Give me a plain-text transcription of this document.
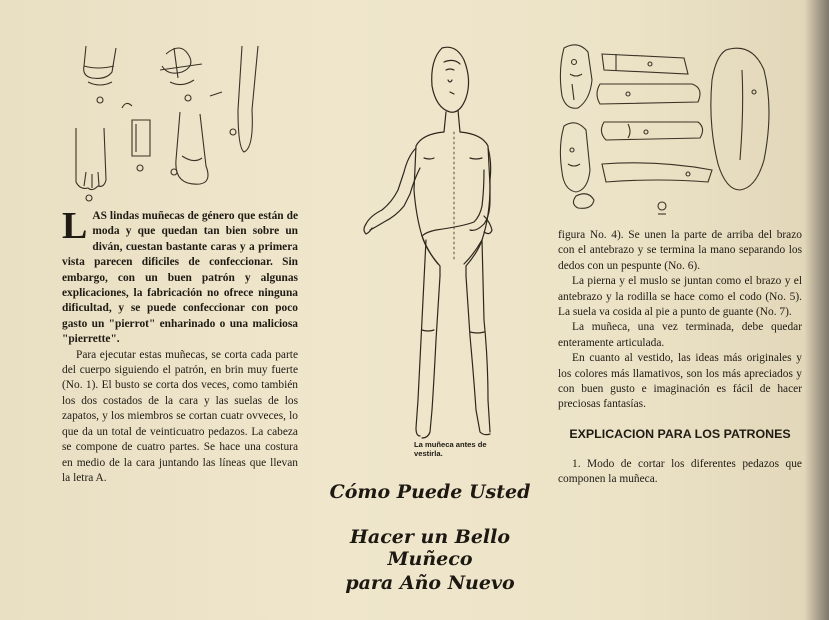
LAS lindas muñecas de género que están de moda y que quedan tan bien sobre un diván, cuestan bastante caras y a primera vista parecen dificiles de confeccionar. Sin embargo, con un buen patrón y algunas explicaciones, la fabricación no ofrece ninguna dificultad, y se puede confeccionar con poco gasto un "pierrot" enharinado o una maliciosa "pierrette".

Para ejecutar estas muñecas, se corta cada parte del cuerpo siguiendo el patrón, en brin muy fuerte (No. 1). El busto se corta dos veces, como también los dos costados de la cara y las suelas de los zapatos, y los miembros se cortan cuatr ovveces, lo que da un total de veinticuatro pedazos. La cabeza se compone de cuatro partes. Se hace una costura en medio de la cara juntando las líneas que llevan la letra A.

La muñeca antes de vestirla.
Cómo Puede Usted
Hacer un Bello Muñeco
para Año Nuevo

figura No. 4). Se unen la parte de arriba del brazo con el antebrazo y se termina la mano separando los dedos con un pespunte (No. 6).

La pierna y el muslo se juntan como el brazo y el antebrazo y la rodilla se hace como el codo (No. 5). La suela va cosida al pie a punto de guante (No. 7).

La muñeca, una vez terminada, debe quedar enteramente articulada.

En cuanto al vestido, las ideas más originales y los colores más llamativos, son los más apreciados y con buen gusto e imaginación es fácil de hacer preciosas fantasías.

EXPLICACION PARA LOS PATRONES

1. Modo de cortar los diferentes pedazos que componen la muñeca.
